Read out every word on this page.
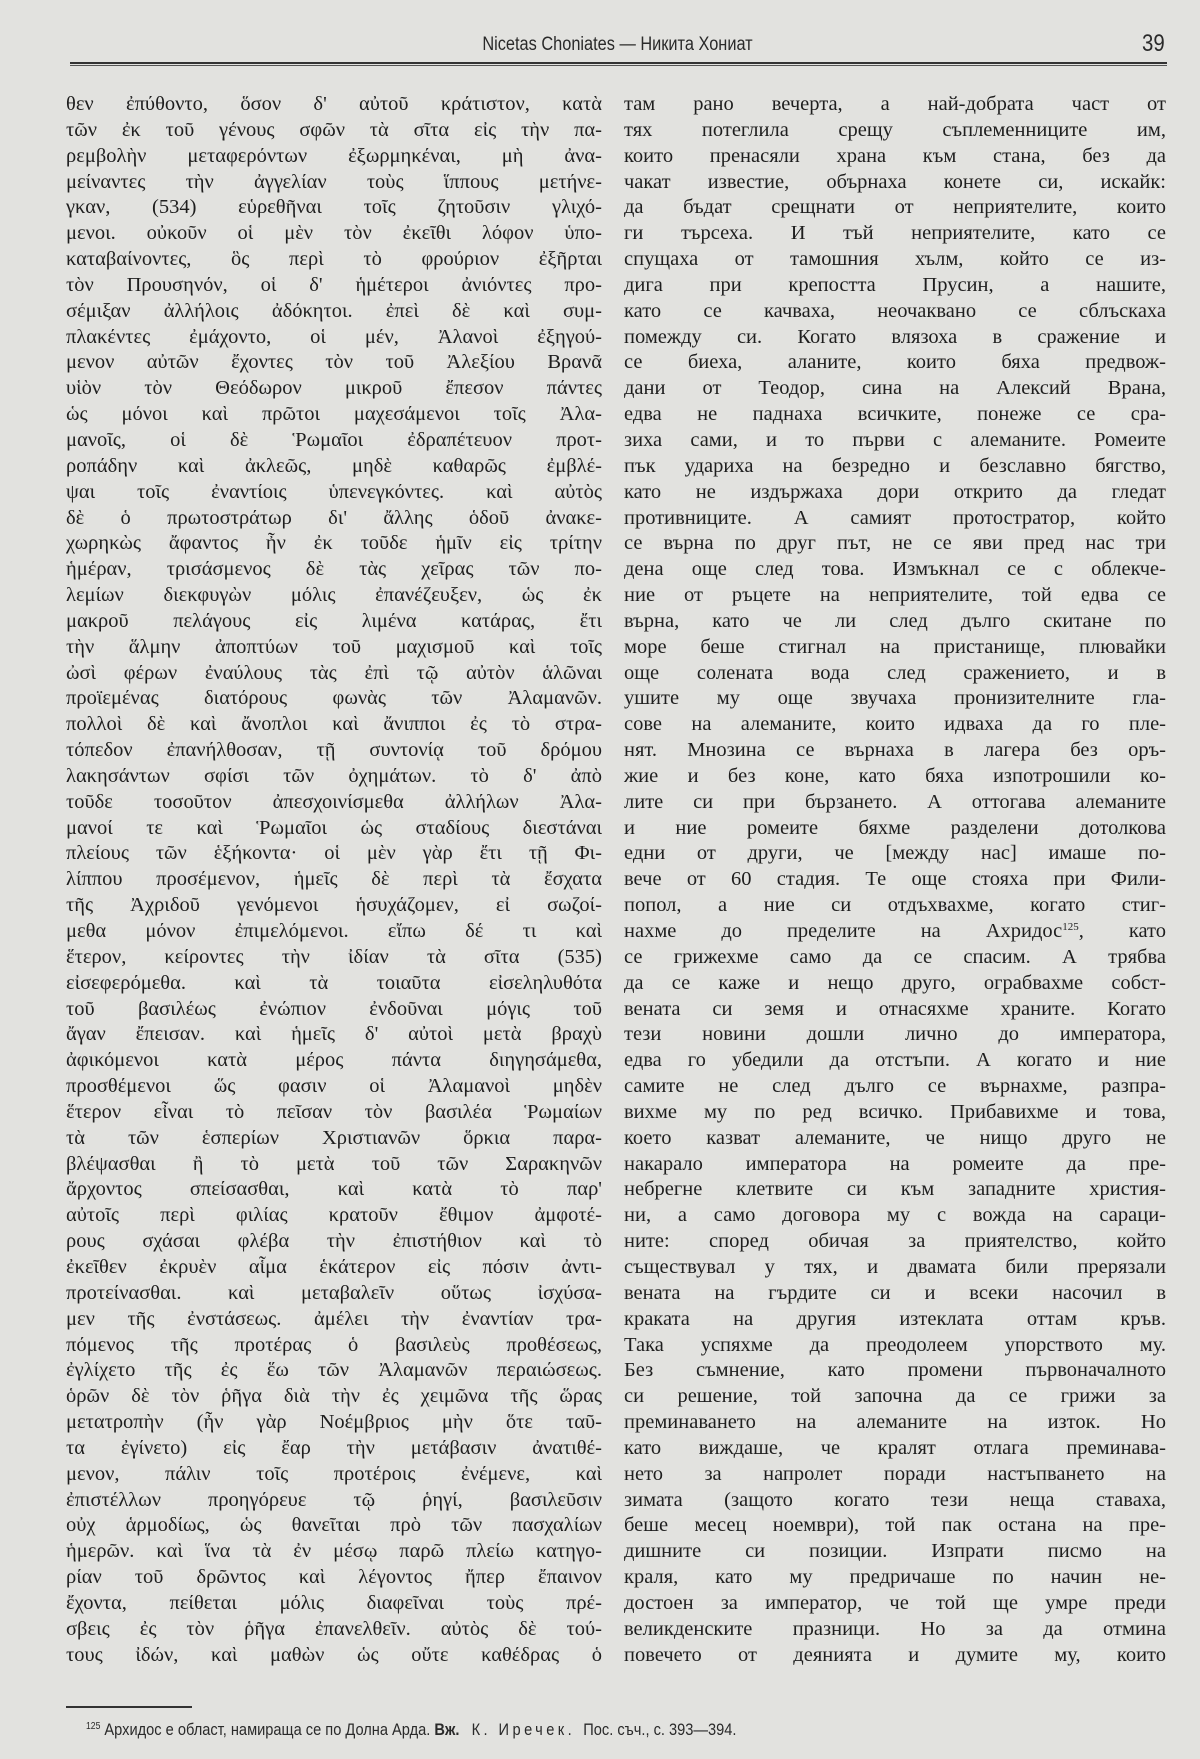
Nicetas Choniates — Никита Хониат	39
θεν ἐπύθοντο, ὅσον δ' αὐτοῦ κράτιστον, κατὰ
τῶν ἐκ τοῦ γένους σφῶν τὰ σῖτα εἰς τὴν πα-
ρεμβολὴν μεταφερόντων ἐξωρμηκέναι, μὴ ἀνα-
μείναντες τὴν ἀγγελίαν τοὺς ἵππους μετήνε-
γκαν, (534) εὑρεθῆναι τοῖς ζητοῦσιν γλιχό-
μενοι. οὐκοῦν οἱ μὲν τὸν ἐκεῖθι λόφον ὑπο-
καταβαίνοντες, ὃς περὶ τὸ φρούριον ἐξῆρται
τὸν Προυσηνόν, οἱ δ' ἡμέτεροι ἀνιόντες προ-
σέμιξαν ἀλλήλοις ἀδόκητοι. ἐπεὶ δὲ καὶ συμ-
πλακέντες ἐμάχοντο, οἱ μέν, Ἀλανοὶ ἐξηγού-
μενον αὐτῶν ἔχοντες τὸν τοῦ Ἀλεξίου Βρανᾶ
υἱὸν τὸν Θεόδωρον μικροῦ ἔπεσον πάντες
ὡς μόνοι καὶ πρῶτοι μαχεσάμενοι τοῖς Ἀλα-
μανοῖς, οἱ δὲ Ῥωμαῖοι ἐδραπέτευον προτ-
ροπάδην καὶ ἀκλεῶς, μηδὲ καθαρῶς ἐμβλέ-
ψαι τοῖς ἐναντίοις ὑπενεγκόντες. καὶ αὐτὸς
δὲ ὁ πρωτοστράτωρ δι' ἄλλης ὁδοῦ ἀνακε-
χωρηκὼς ἄφαντος ἦν ἐκ τοῦδε ἡμῖν εἰς τρίτην
ἡμέραν, τρισάσμενος δὲ τὰς χεῖρας τῶν πο-
λεμίων διεκφυγὼν μόλις ἐπανέζευξεν, ὡς ἐκ
μακροῦ πελάγους εἰς λιμένα κατάρας, ἔτι
τὴν ἅλμην ἀποπτύων τοῦ μαχισμοῦ καὶ τοῖς
ὠσὶ φέρων ἐναύλους τὰς ἐπὶ τῷ αὐτὸν ἁλῶναι
προϊεμένας διατόρους φωνὰς τῶν Ἀλαμανῶν.
πολλοὶ δὲ καὶ ἄνοπλοι καὶ ἄνιπποι ἐς τὸ στρα-
τόπεδον ἐπανήλθοσαν, τῇ συντονίᾳ τοῦ δρόμου
λακησάντων σφίσι τῶν ὀχημάτων. τὸ δ' ἀπὸ
τοῦδε τοσοῦτον ἀπεσχοινίσμεθα ἀλλήλων Ἀλα-
μανοί τε καὶ Ῥωμαῖοι ὡς σταδίους διεστάναι
πλείους τῶν ἑξήκοντα· οἱ μὲν γὰρ ἔτι τῇ Φι-
λίππου προσέμενον, ἡμεῖς δὲ περὶ τὰ ἔσχατα
τῆς Ἀχριδοῦ γενόμενοι ἡσυχάζομεν, εἰ σωζοί-
μεθα μόνον ἐπιμελόμενοι. εἴπω δέ τι καὶ
ἕτερον, κείροντες τὴν ἰδίαν τὰ σῖτα (535)
εἰσεφερόμεθα. καὶ τὰ τοιαῦτα εἰσεληλυθότα
τοῦ βασιλέως ἐνώπιον ἐνδοῦναι μόγις τοῦ
ἄγαν ἔπεισαν. καὶ ἡμεῖς δ' αὐτοὶ μετὰ βραχὺ
ἀφικόμενοι κατὰ μέρος πάντα διηγησάμεθα,
προσθέμενοι ὥς φασιν οἱ Ἀλαμανοὶ μηδὲν
ἕτερον εἶναι τὸ πεῖσαν τὸν βασιλέα Ῥωμαίων
τὰ τῶν ἑσπερίων Χριστιανῶν ὅρκια παρα-
βλέψασθαι ἢ τὸ μετὰ τοῦ τῶν Σαρακηνῶν
ἄρχοντος σπείσασθαι, καὶ κατὰ τὸ παρ'
αὐτοῖς περὶ φιλίας κρατοῦν ἔθιμον ἀμφοτέ-
ρους σχάσαι φλέβα τὴν ἐπιστήθιον καὶ τὸ
ἐκεῖθεν ἐκρυὲν αἷμα ἑκάτερον εἰς πόσιν ἀντι-
προτείνασθαι. καὶ μεταβαλεῖν οὕτως ἰσχύσα-
μεν τῆς ἐνστάσεως. ἀμέλει τὴν ἐναντίαν τρα-
πόμενος τῆς προτέρας ὁ βασιλεὺς προθέσεως,
ἐγλίχετο τῆς ἐς ἕω τῶν Ἀλαμανῶν περαιώσεως.
ὁρῶν δὲ τὸν ῥῆγα διὰ τὴν ἐς χειμῶνα τῆς ὥρας
μετατροπὴν (ἦν γὰρ Νοέμβριος μὴν ὅτε ταῦ-
τα ἐγίνετο) εἰς ἔαρ τὴν μετάβασιν ἀνατιθέ-
μενον, πάλιν τοῖς προτέροις ἐνέμενε, καὶ
ἐπιστέλλων προηγόρευε τῷ ῥηγί, βασιλεῦσιν
οὐχ ἁρμοδίως, ὡς θανεῖται πρὸ τῶν πασχαλίων
ἡμερῶν. καὶ ἵνα τὰ ἐν μέσῳ παρῶ πλείω κατηγο-
ρίαν τοῦ δρῶντος καὶ λέγοντος ἤπερ ἔπαινον
ἔχοντα, πείθεται μόλις διαφεῖναι τοὺς πρέ-
σβεις ἐς τὸν ῥῆγα ἐπανελθεῖν. αὐτὸς δὲ τού-
τους ἰδών, καὶ μαθὼν ὡς οὔτε καθέδρας ὁ
там рано вечерта, а най-добрата част от
тях потеглила срещу съплеменниците им,
които пренасяли храна към стана, без да
чакат известие, обърнаха конете си, искайк:
да бъдат срещнати от неприятелите, които
ги търсеха. И тъй неприятелите, като се
спущаха от тамошния хълм, който се из-
дига при крепостта Прусин, а нашите,
като се качваха, неочаквано се сблъскаха
помежду си. Когато влязоха в сражение и
се биеха, аланите, които бяха предвож-
дани от Теодор, сина на Алексий Врана,
едва не паднаха всичките, понеже се сра-
зиха сами, и то първи с алеманите. Ромеите
пък удариха на безредно и безславно бягство,
като не издържаха дори открито да гледат
противниците. А самият протостратор, който
се върна по друг път, не се яви пред нас три
дена още след това. Измъкнал се с облекче-
ние от ръцете на неприятелите, той едва се
върна, като че ли след дълго скитане по
море беше стигнал на пристанище, плювайки
още солената вода след сражението, и в
ушите му още звучаха пронизителните гла-
сове на алеманите, които идваха да го пле-
нят. Мнозина се върнаха в лагера без оръ-
жие и без коне, като бяха изпотрошили ко-
лите си при бързането. А оттогава алеманите
и ние ромеите бяхме разделени дотолкова
едни от други, че [между нас] имаше по-
вече от 60 стадия. Те още стояха при Фили-
попол, а ние си отдъхвахме, когато стиг-
нахме до пределите на Ахридос$^{125}$, като
се грижехме само да се спасим. А трябва
да се каже и нещо друго, ограбвахме собст-
вената си земя и отнасяхме храните. Когато
тези новини дошли лично до императора,
едва го убедили да отстъпи. А когато и ние
самите не след дълго се върнахме, разпра-
вихме му по ред всичко. Прибавихме и това,
което казват алеманите, че нищо друго не
накарало императора на ромеите да пре-
небрегне клетвите си към западните христия-
ни, а само договора му с вожда на сараци-
ните: според обичая за приятелство, който
съществувал у тях, и двамата били прерязали
вената на гърдите си и всеки насочил в
краката на другия изтеклата оттам кръв.
Така успяхме да преодолеем упорството му.
Без съмнение, като промени първоначалното
си решение, той започна да се грижи за
преминаването на алеманите на изток. Но
като виждаше, че кралят отлага преминава-
нето за напролет поради настъпването на
зимата (защото когато тези неща ставаха,
беше месец ноември), той пак остана на пре-
дишните си позиции. Изпрати писмо на
краля, като му предричаше по начин не-
достоен за император, че той ще умре преди
великденските празници. Но за да отмина
повечето от деянията и думите му, които
$^{125}$ Архидос е област, намираща се по Долна Арда. Вж. К. Иречек. Пос. съч., с. 393—394.
